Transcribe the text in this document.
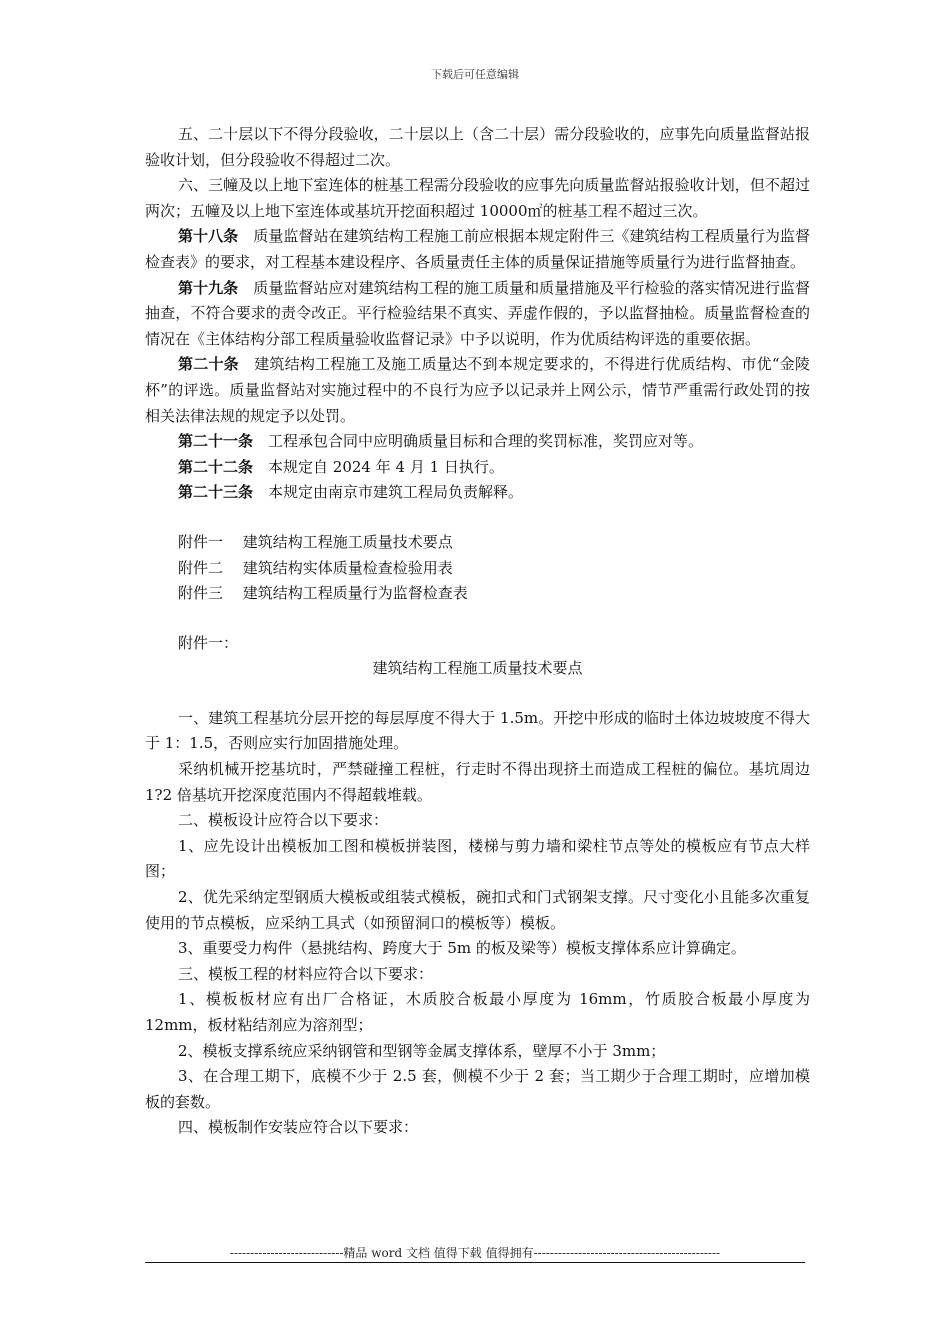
下载后可任意编辑

五、二十层以下不得分段验收，二十层以上（含二十层）需分段验收的，应事先向质量监督站报验收计划，但分段验收不得超过二次。

六、三幢及以上地下室连体的桩基工程需分段验收的应事先向质量监督站报验收计划，但不超过两次；五幢及以上地下室连体或基坑开挖面积超过 10000㎡的桩基工程不超过三次。

第十八条　 质量监督站在建筑结构工程施工前应根据本规定附件三《建筑结构工程质量行为监督检查表》的要求，对工程基本建设程序、各质量责任主体的质量保证措施等质量行为进行监督抽查。

第十九条　 质量监督站应对建筑结构工程的施工质量和质量措施及平行检验的落实情况进行监督抽查，不符合要求的责令改正。平行检验结果不真实、弄虚作假的，予以监督抽检。质量监督检查的情况在《主体结构分部工程质量验收监督记录》中予以说明，作为优质结构评选的重要依据。

第二十条　 建筑结构工程施工及施工质量达不到本规定要求的，不得进行优质结构、市优“金陵杯”的评选。质量监督站对实施过程中的不良行为应予以记录并上网公示，情节严重需行政处罚的按相关法律法规的规定予以处罚。

第二十一条　 工程承包合同中应明确质量目标和合理的奖罚标准，奖罚应对等。

第二十二条　 本规定自 2024 年 4 月 1 日执行。

第二十三条　 本规定由南京市建筑工程局负责解释。

附件一　 建筑结构工程施工质量技术要点

附件二　 建筑结构实体质量检查检验用表

附件三　 建筑结构工程质量行为监督检查表

附件一：

建筑结构工程施工质量技术要点

一、建筑工程基坑分层开挖的每层厚度不得大于 1.5m。开挖中形成的临时土体边坡坡度不得大于 1：1.5，否则应实行加固措施处理。

采纳机械开挖基坑时，严禁碰撞工程桩，行走时不得出现挤土而造成工程桩的偏位。基坑周边 1?2 倍基坑开挖深度范围内不得超载堆载。

二、模板设计应符合以下要求：

1、应先设计出模板加工图和模板拼装图，楼梯与剪力墙和梁柱节点等处的模板应有节点大样图；

2、优先采纳定型钢质大模板或组装式模板，碗扣式和门式钢架支撑。尺寸变化小且能多次重复使用的节点模板，应采纳工具式（如预留洞口的模板等）模板。

3、重要受力构件（悬挑结构、跨度大于 5m 的板及梁等）模板支撑体系应计算确定。

三、模板工程的材料应符合以下要求：

1、模板板材应有出厂合格证，木质胶合板最小厚度为 16mm，竹质胶合板最小厚度为 12mm，板材粘结剂应为溶剂型；

2、模板支撑系统应采纳钢管和型钢等金属支撑体系，壁厚不小于 3mm；

3、在合理工期下，底模不少于 2.5 套，侧模不少于 2 套；当工期少于合理工期时，应增加模板的套数。

四、模板制作安装应符合以下要求：

----------------------------精品 word 文档 值得下载 值得拥有----------------------------------------------
